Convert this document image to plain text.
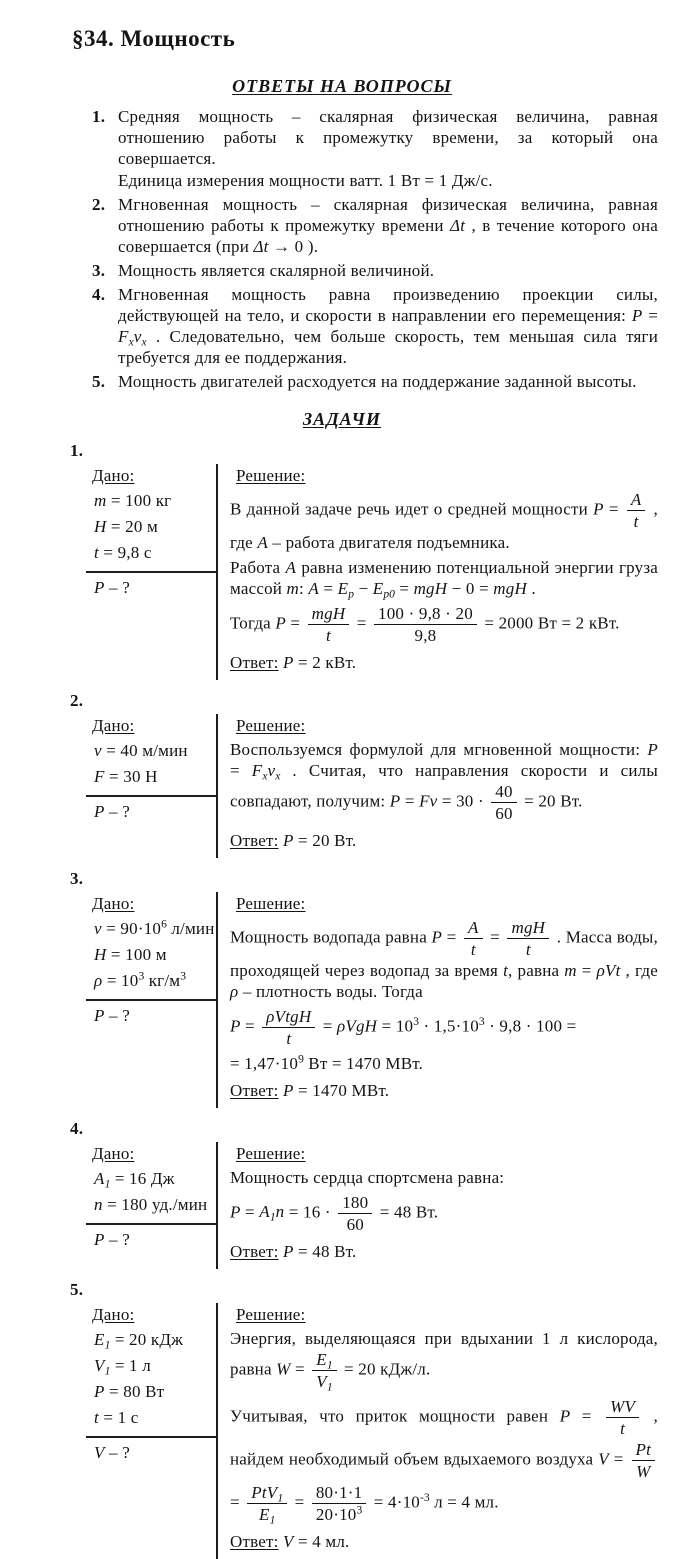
§34. Мощность
ОТВЕТЫ НА ВОПРОСЫ
1. Средняя мощность – скалярная физическая величина, равная отношению работы к промежутку времени, за который она совершается.
Единица измерения мощности ватт. 1 Вт = 1 Дж/с.
2. Мгновенная мощность – скалярная физическая величина, равная отношению работы к промежутку времени Δt , в течение которого она совершается (при Δt → 0 ).
3. Мощность является скалярной величиной.
4. Мгновенная мощность равна произведению проекции силы, действующей на тело, и скорости в направлении его перемещения: $P = F_xv_x$ . Следовательно, чем больше скорость, тем меньшая сила тяги требуется для ее поддержания.
5. Мощность двигателей расходуется на поддержание заданной высоты.
ЗАДАЧИ
1.
Дано:
m = 100 кг
H = 20 м
t = 9,8 с
P – ?
Решение:
В данной задаче речь идет о средней мощности $P = \frac{A}{t}$ , где A – работа двигателя подъемника.
Работа A равна изменению потенциальной энергии груза массой m: $A = E_p - E_{p0}$ = mgH − 0 = mgH .
Тогда $P = \frac{\text{mgH}}{t} = \frac{100 \cdot 9,8 \cdot 20}{9,8} = 2000$ Вт = 2 кВт.
Ответ: P = 2 кВт.
2.
Дано:
v = 40 м/мин
F = 30 Н
P – ?
Решение:
Воспользуемся формулой для мгновенной мощности: $P = F_xv_x$ . Считая, что направления скорости и силы совпадают, получим: $P = Fv = 30 \cdot \frac{40}{60} = 20$ Вт.
Ответ: P = 20 Вт.
3.
Дано:
$v = 90\cdot 10^6$ л/мин
H = 100 м
$\rho = 10^3$ $кг/м^3$
P – ?
Решение:
Мощность водопада равна $P = \frac{A}{t} = \frac{\text{mgH}}{t}$ . Масса воды, проходящей через водопад за время t, равна m = ρVt , где ρ – плотность воды. Тогда
$P = \frac{\text{ρVtgH}}{t} = \rho VgH = 10^3 \cdot 1,5\cdot 10^3 \cdot 9,8 \cdot 100$ =
= $1,47\cdot 10^9$ Вт = 1470 МВт.
Ответ: P = 1470 МВт.
4.
Дано:
$A_1 = 16$ Дж
n = 180 уд./мин
P – ?
Решение:
Мощность сердца спортсмена равна:
$P = A_1n = 16 \cdot \frac{180}{60} = 48$ Вт.
Ответ: P = 48 Вт.
5.
Дано:
$E_1 = 20$ кДж
$V_1 = 1$ л
P = 80 Вт
t = 1 с
V – ?
Решение:
Энергия, выделяющаяся при вдыхании 1 л кислорода, равна $W = \frac{E_1}{V_1} = 20$ кДж/л.
Учитывая, что приток мощности равен $P = \frac{WV}{t}$ , найдем необходимый объем вдыхаемого воздуха $V = \frac{Pt}{W}$
= $\frac{PtV_1}{E_1} = \frac{80\cdot 1\cdot 1}{20\cdot 10^3} = 4\cdot 10^{-3}$ л = 4 мл.
Ответ: V = 4 мл.
